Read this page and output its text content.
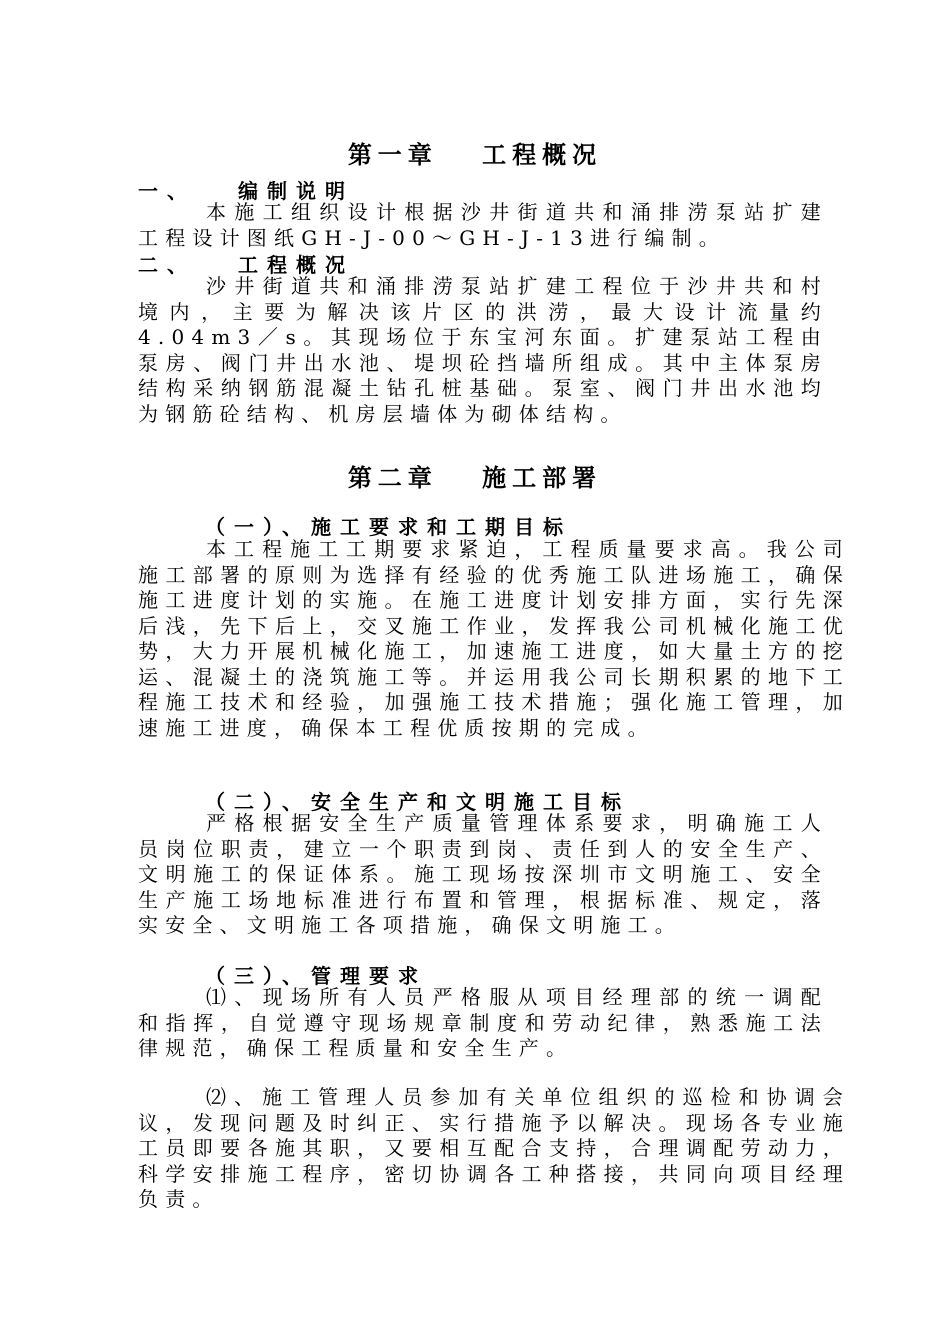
第一章　 工程概况
一、 编制说明

本施工组织设计根据沙井街道共和涌排涝泵站扩建工程设计图纸GH-J-00～GH-J-13进行编制。

二、 工程概况

沙井街道共和涌排涝泵站扩建工程位于沙井共和村境内，主要为解决该片区的洪涝，最大设计流量约4.04m3／s。其现场位于东宝河东面。扩建泵站工程由泵房、阀门井出水池、堤坝砼挡墙所组成。其中主体泵房结构采纳钢筋混凝土钻孔桩基础。泵室、阀门井出水池均为钢筋砼结构、机房层墙体为砌体结构。

第二章　 施工部署
（一）、施工要求和工期目标

本工程施工工期要求紧迫，工程质量要求高。我公司施工部署的原则为选择有经验的优秀施工队进场施工，确保施工进度计划的实施。在施工进度计划安排方面，实行先深后浅，先下后上，交叉施工作业，发挥我公司机械化施工优势，大力开展机械化施工，加速施工进度，如大量土方的挖运、混凝土的浇筑施工等。并运用我公司长期积累的地下工程施工技术和经验，加强施工技术措施；强化施工管理，加速施工进度，确保本工程优质按期的完成。

（二）、安全生产和文明施工目标

严格根据安全生产质量管理体系要求，明确施工人员岗位职责，建立一个职责到岗、责任到人的安全生产、文明施工的保证体系。施工现场按深圳市文明施工、安全生产施工场地标准进行布置和管理，根据标准、规定，落实安全、文明施工各项措施，确保文明施工。

（三）、管理要求

⑴、现场所有人员严格服从项目经理部的统一调配和指挥，自觉遵守现场规章制度和劳动纪律，熟悉施工法律规范，确保工程质量和安全生产。

⑵、施工管理人员参加有关单位组织的巡检和协调会议，发现问题及时纠正、实行措施予以解决。现场各专业施工员即要各施其职，又要相互配合支持，合理调配劳动力，科学安排施工程序，密切协调各工种搭接，共同向项目经理负责。
